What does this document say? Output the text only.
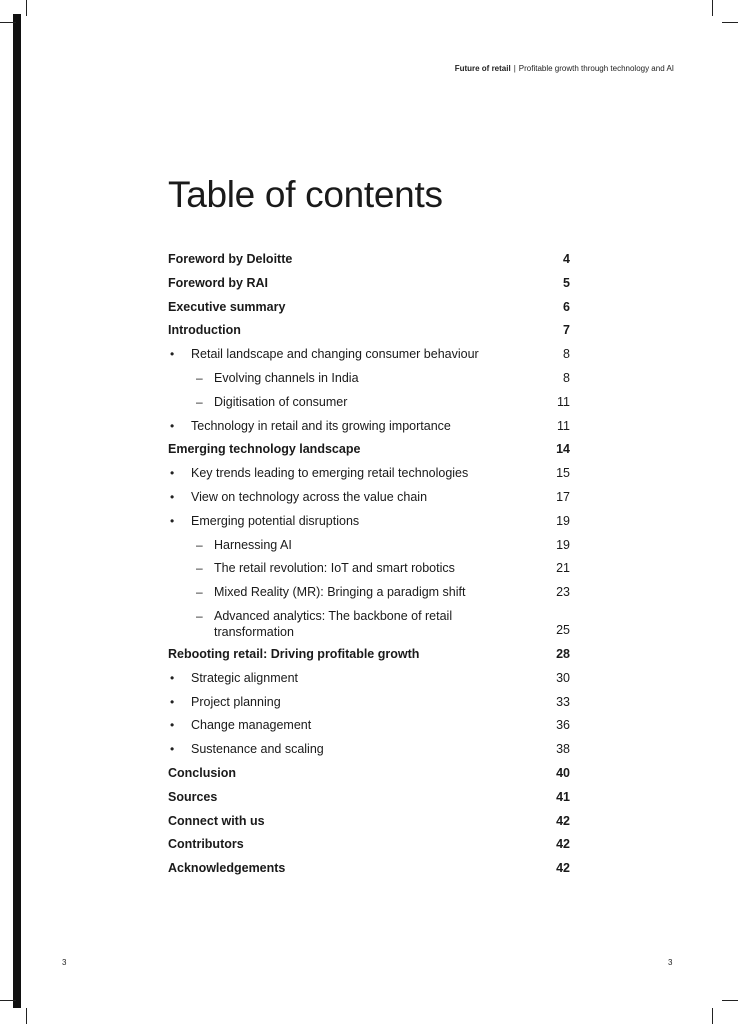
Future of retail | Profitable growth through technology and AI
Table of contents
Foreword by Deloitte	4
Foreword by RAI	5
Executive summary	6
Introduction	7
• Retail landscape and changing consumer behaviour	8
– Evolving channels in India	8
– Digitisation of consumer	11
• Technology in retail and its growing importance	11
Emerging technology landscape	14
• Key trends leading to emerging retail technologies	15
• View on technology across the value chain	17
• Emerging potential disruptions	19
– Harnessing AI	19
– The retail revolution: IoT and smart robotics	21
– Mixed Reality (MR): Bringing a paradigm shift	23
– Advanced analytics: The backbone of retail transformation	25
Rebooting retail: Driving profitable growth	28
• Strategic alignment	30
• Project planning	33
• Change management	36
• Sustenance and scaling	38
Conclusion	40
Sources	41
Connect with us	42
Contributors	42
Acknowledgements	42
3	3
